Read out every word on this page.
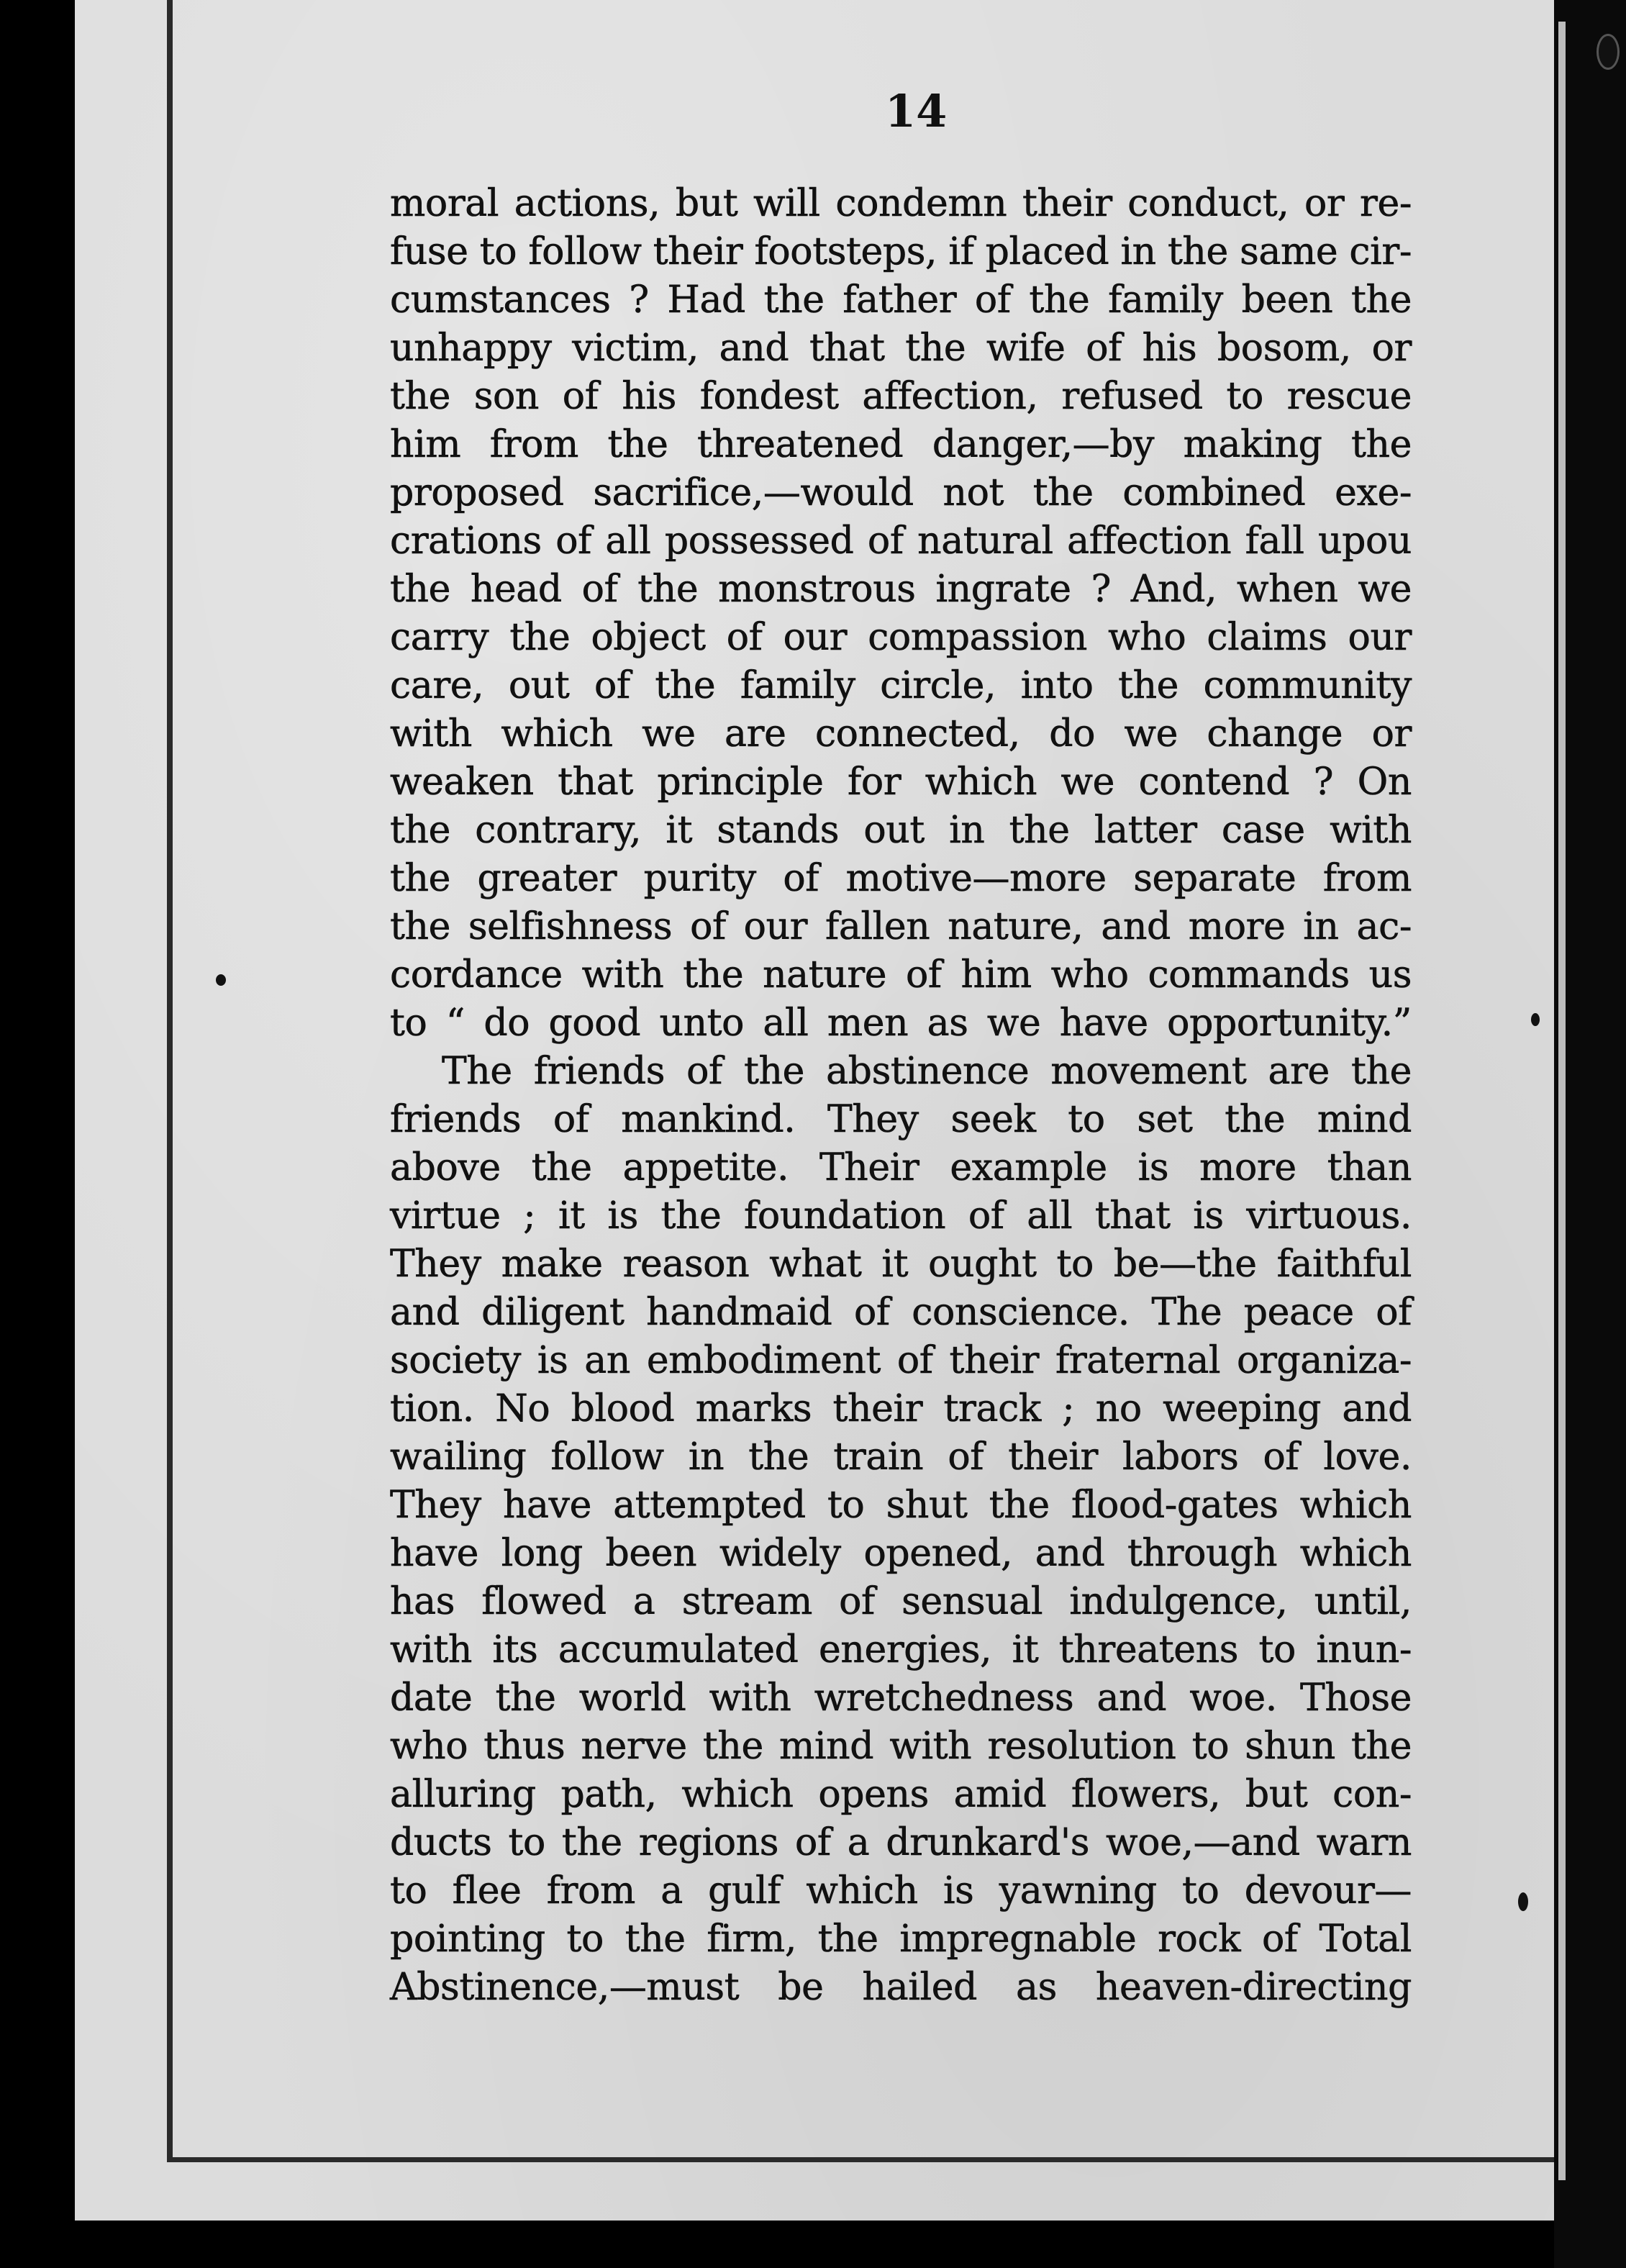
14
moral actions, but will condemn their conduct, or re-
fuse to follow their footsteps, if placed in the same cir-
cumstances ? Had the father of the family been the
unhappy victim, and that the wife of his bosom, or
the son of his fondest affection, refused to rescue
him from the threatened danger,—by making the
proposed sacrifice,—would not the combined exe-
crations of all possessed of natural affection fall upou
the head of the monstrous ingrate ? And, when we
carry the object of our compassion who claims our
care, out of the family circle, into the community
with which we are connected, do we change or
weaken that principle for which we contend ? On
the contrary, it stands out in the latter case with
the greater purity of motive—more separate from
the selfishness of our fallen nature, and more in ac-
cordance with the nature of him who commands us
to “ do good unto all men as we have opportunity.”
The friends of the abstinence movement are the
friends of mankind. They seek to set the mind
above the appetite. Their example is more than
virtue ; it is the foundation of all that is virtuous.
They make reason what it ought to be—the faithful
and diligent handmaid of conscience. The peace of
society is an embodiment of their fraternal organiza-
tion. No blood marks their track ; no weeping and
wailing follow in the train of their labors of love.
They have attempted to shut the flood-gates which
have long been widely opened, and through which
has flowed a stream of sensual indulgence, until,
with its accumulated energies, it threatens to inun-
date the world with wretchedness and woe. Those
who thus nerve the mind with resolution to shun the
alluring path, which opens amid flowers, but con-
ducts to the regions of a drunkard's woe,—and warn
to flee from a gulf which is yawning to devour—
pointing to the firm, the impregnable rock of Total
Abstinence,—must be hailed as heaven-directing
